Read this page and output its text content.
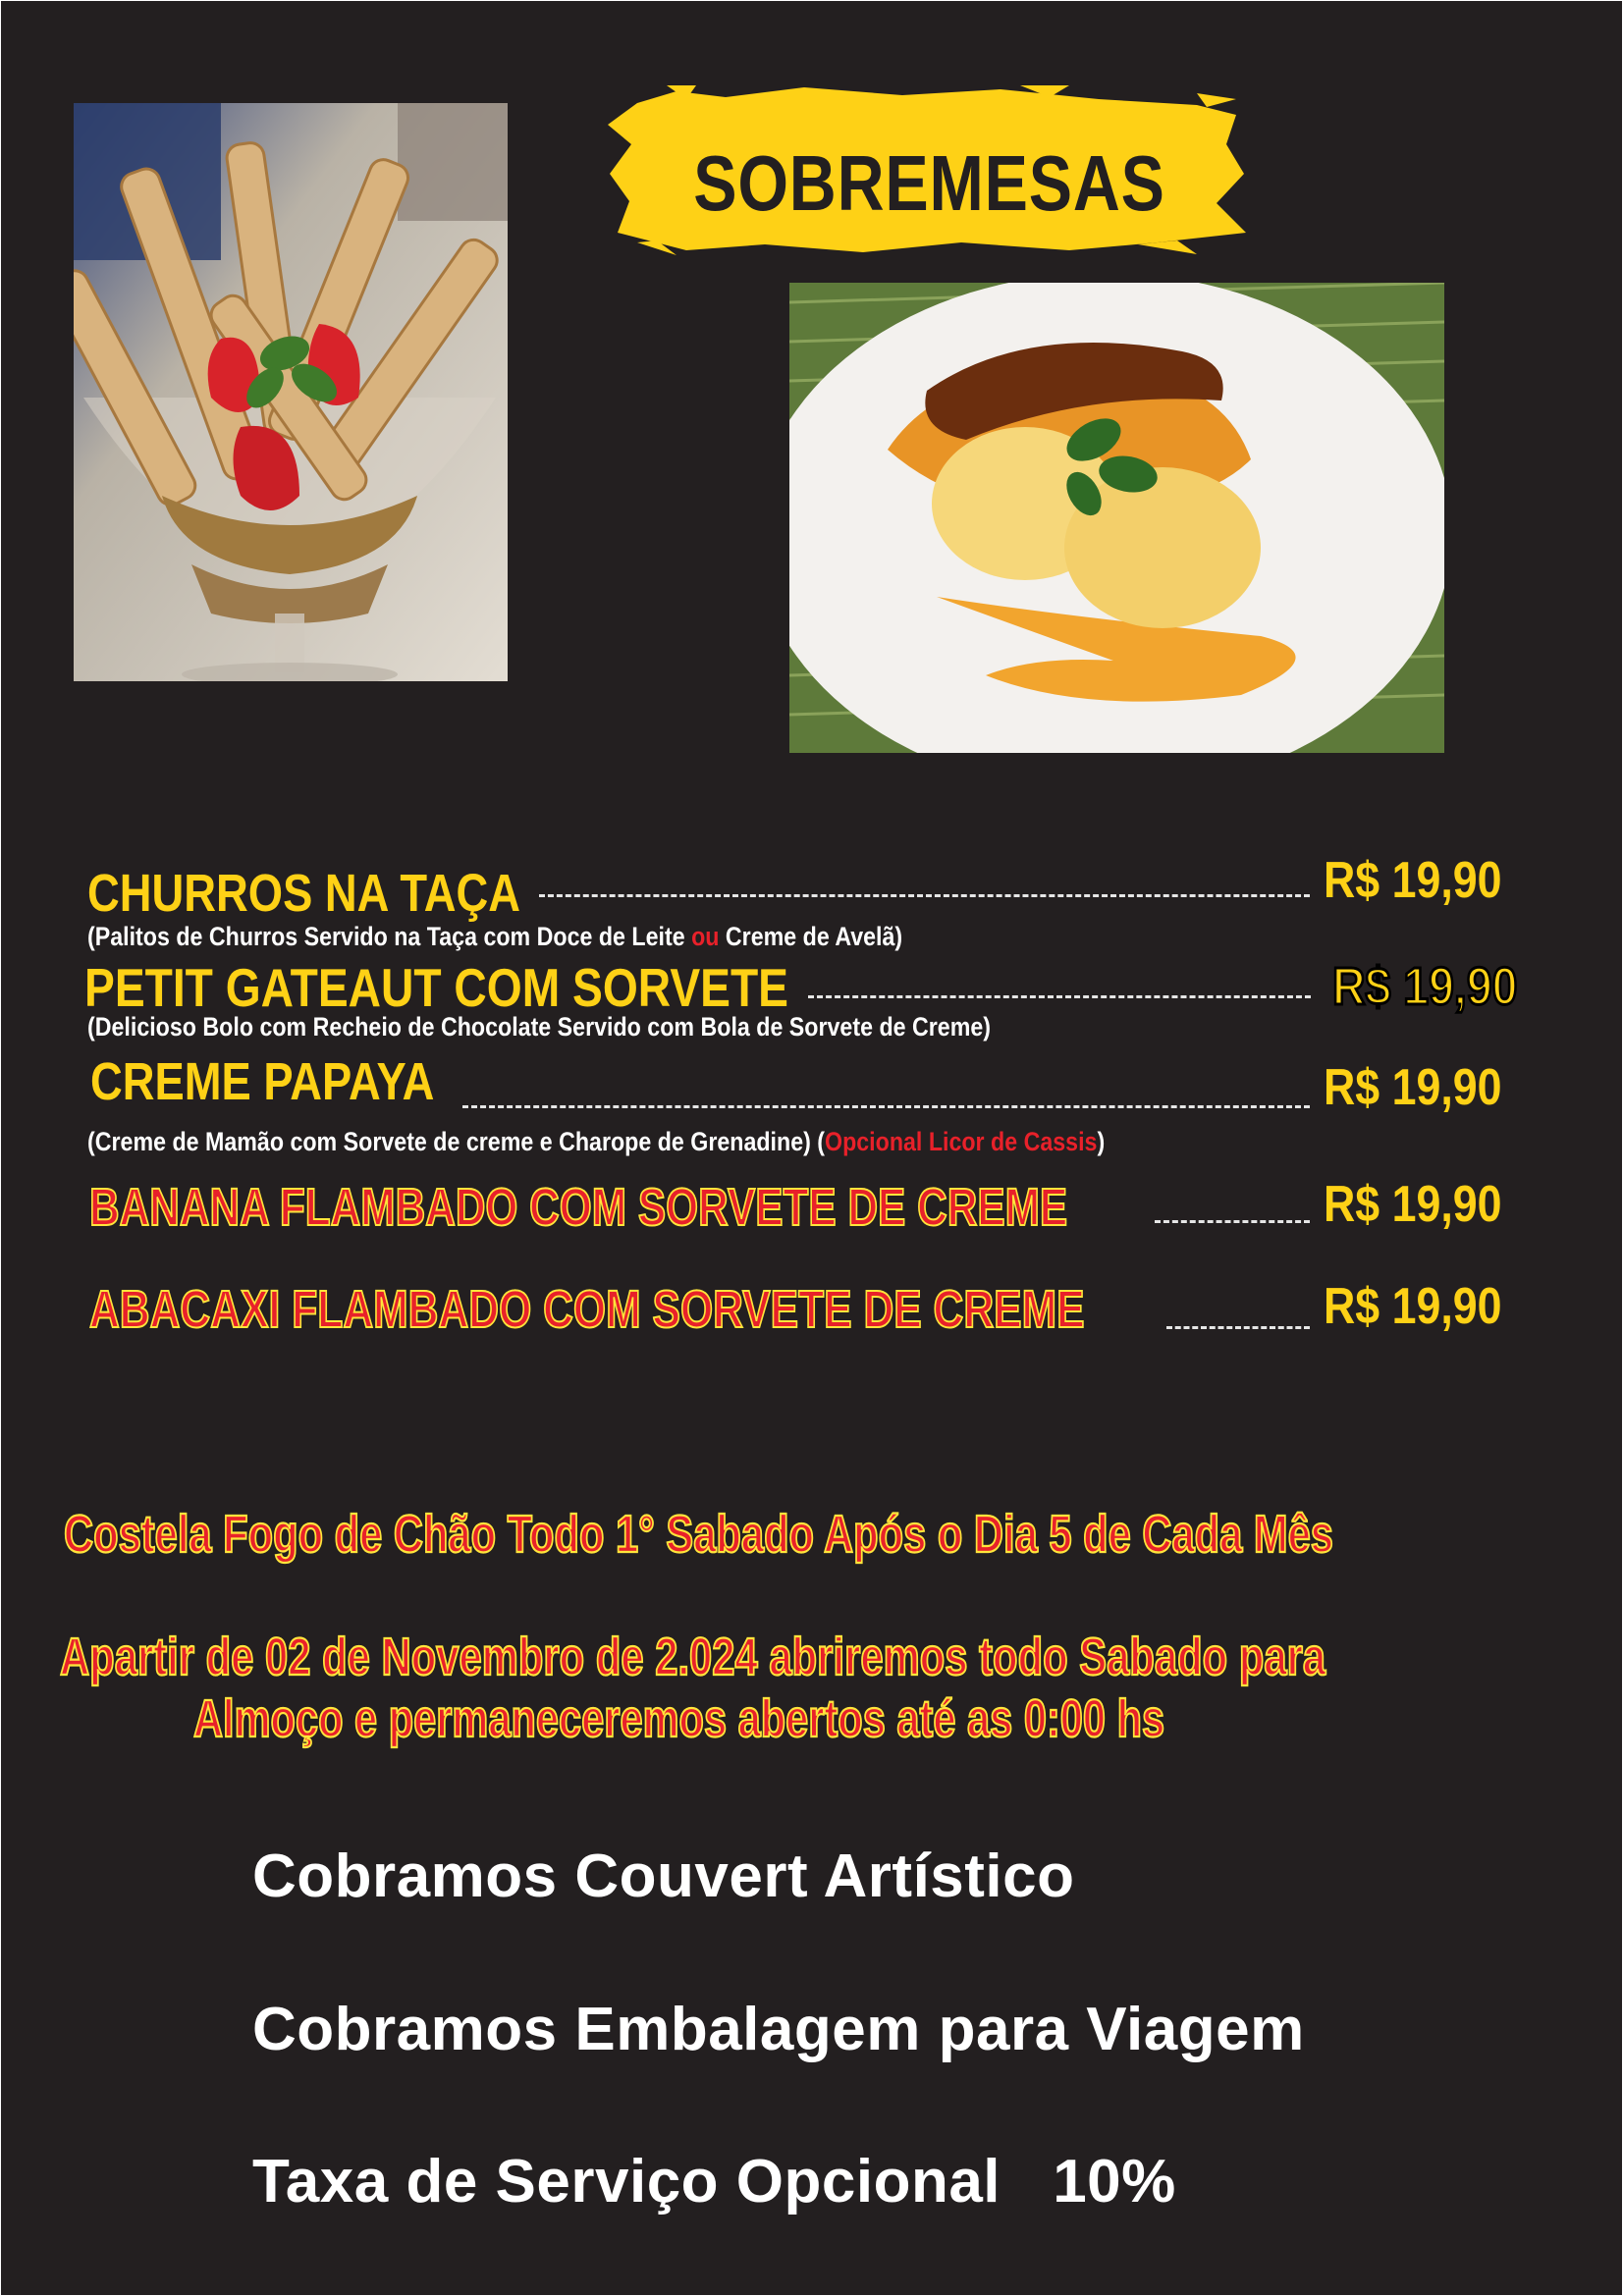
SOBREMESAS
CHURROS NA TAÇA	R$ 19,90
(Palitos de Churros Servido na Taça com Doce de Leite ou Creme de Avelã)
PETIT GATEAUT COM SORVETE	R$ 19,90
(Delicioso Bolo com Recheio de Chocolate Servido com Bola de Sorvete de Creme)
CREME PAPAYA	R$ 19,90
(Creme de Mamão com Sorvete de creme e Charope de Grenadine) (Opcional Licor de Cassis)
BANANA FLAMBADO COM SORVETE DE CREME	R$ 19,90
ABACAXI FLAMBADO COM SORVETE DE CREME	R$ 19,90
Costela Fogo de Chão Todo 1° Sabado Após o Dia 5 de Cada Mês
Apartir de 02 de Novembro de 2.024 abriremos todo Sabado para
Almoço e permaneceremos abertos até as 0:00 hs
Cobramos Couvert Artístico
Cobramos Embalagem para Viagem
Taxa de Serviço Opcional   10%
